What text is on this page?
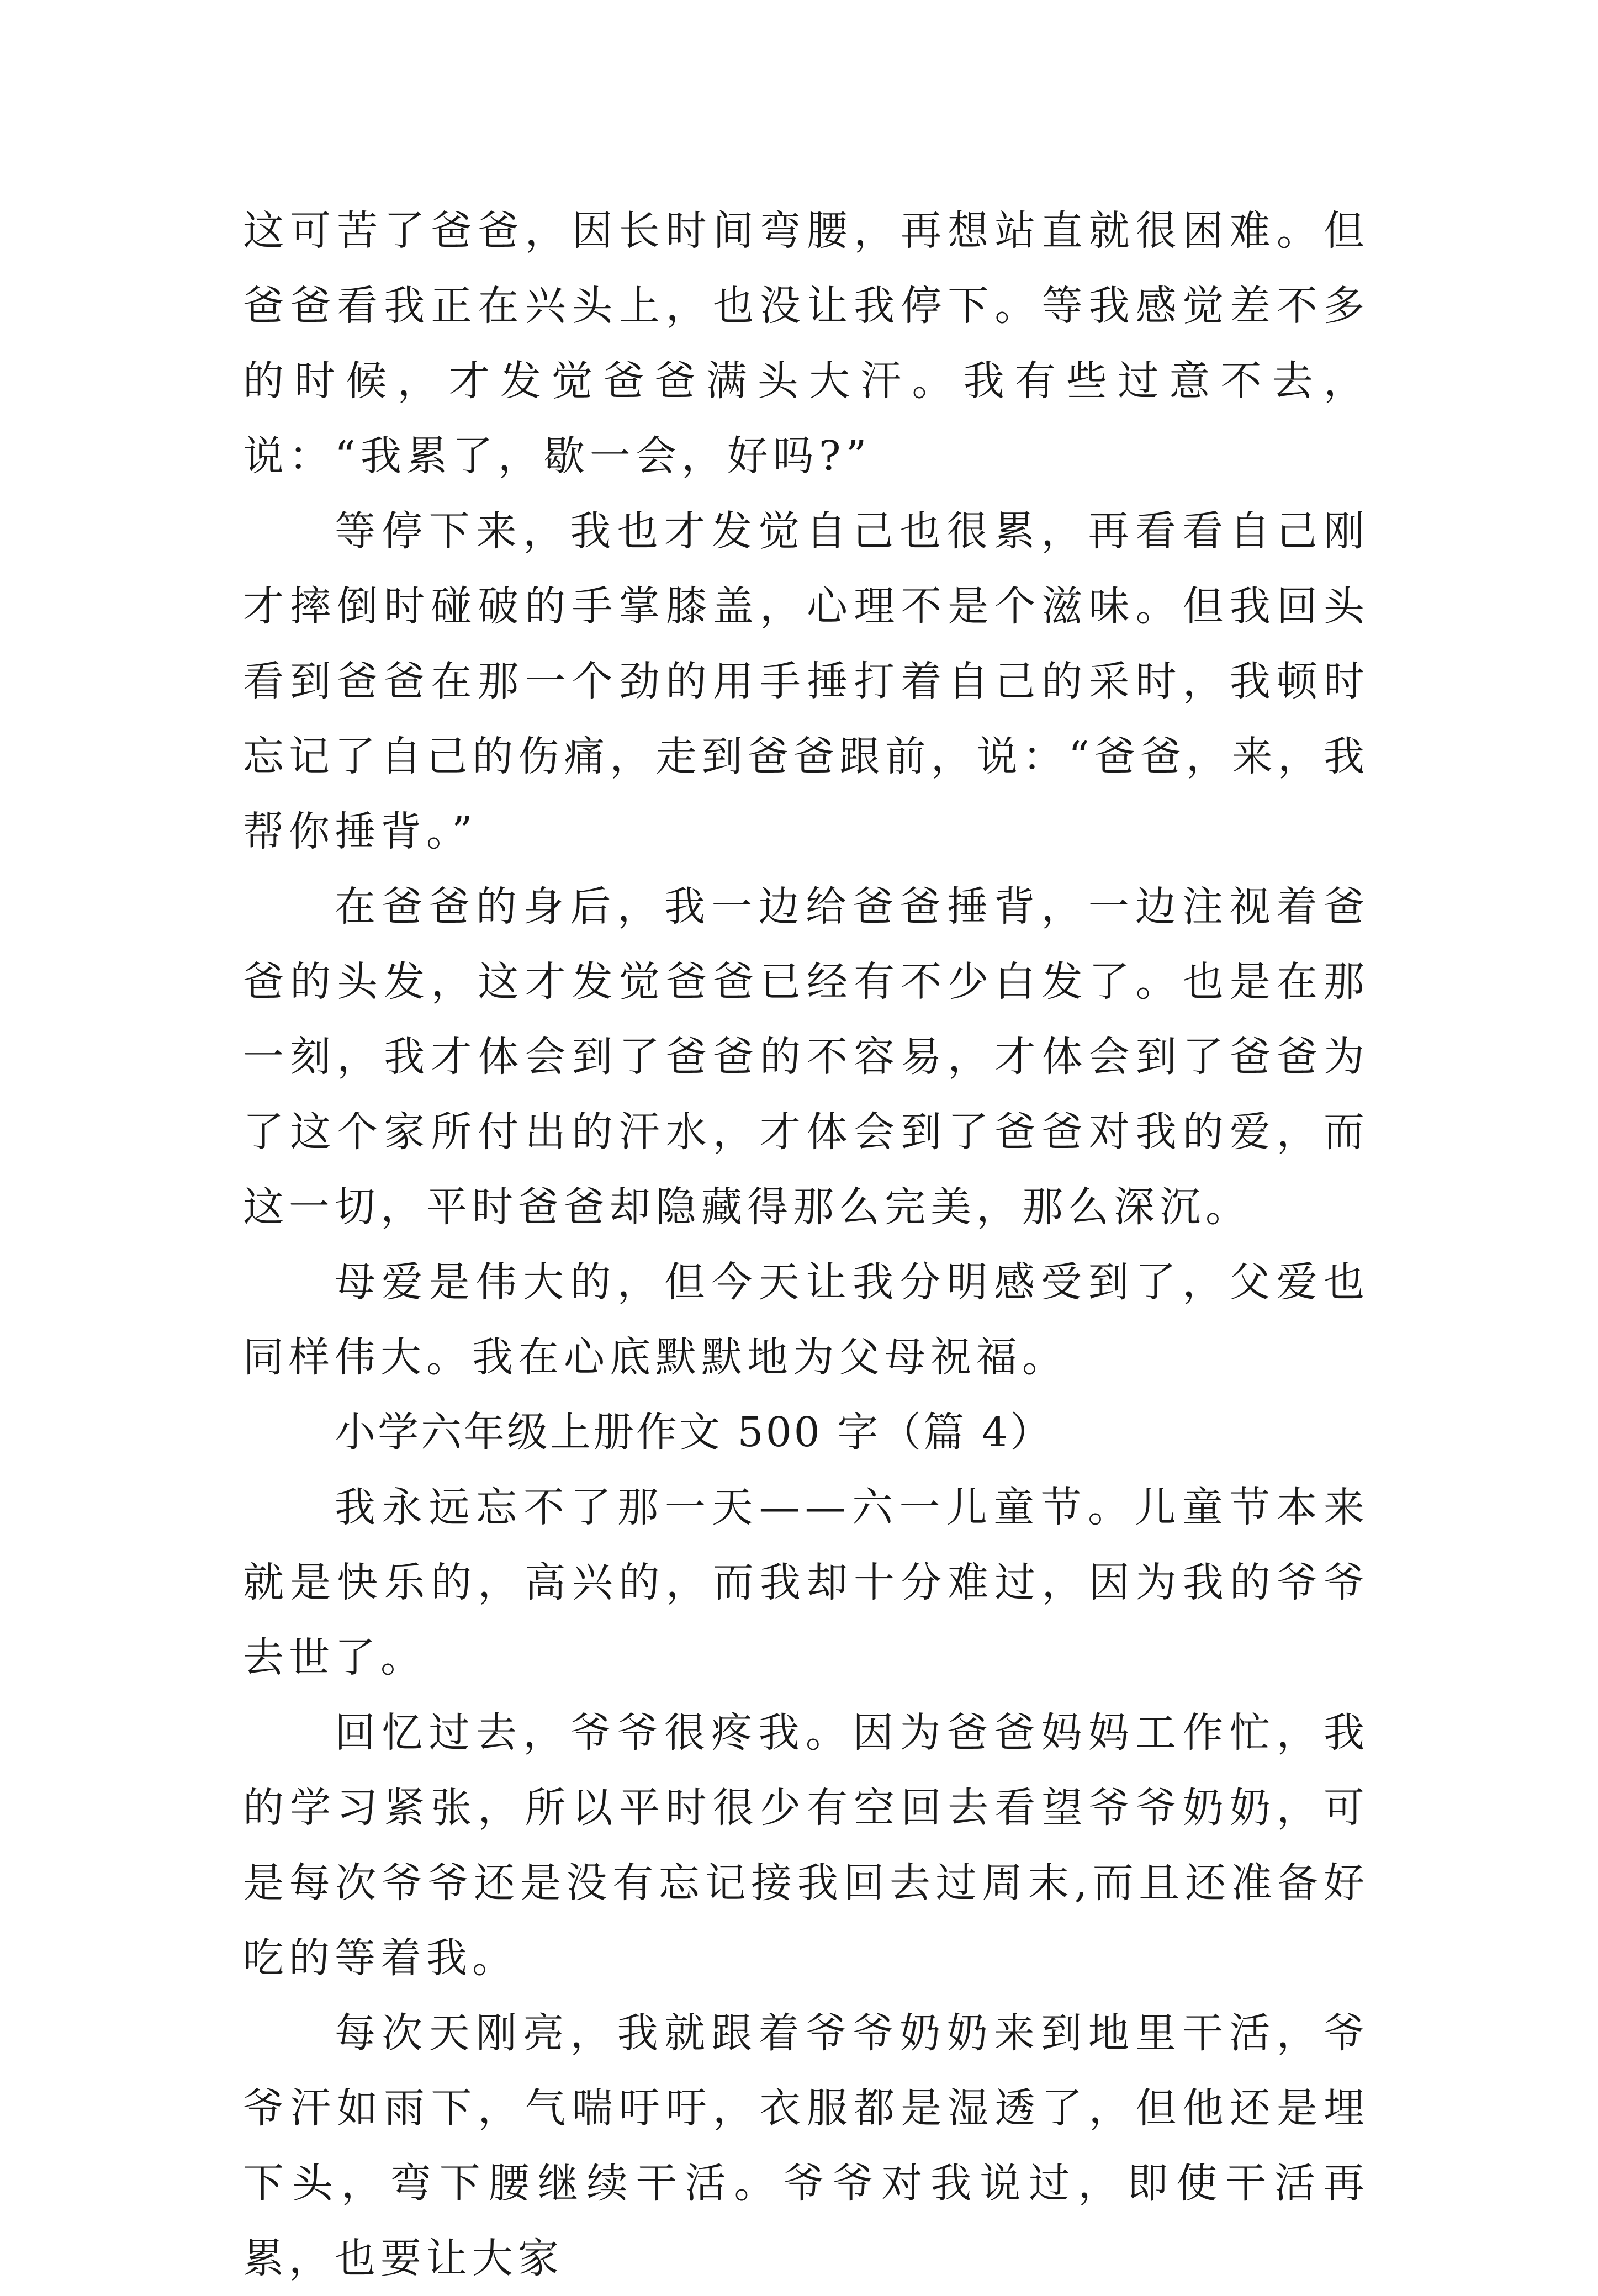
这可苦了爸爸，因长时间弯腰，再想站直就很困难。但爸爸看我正在兴头上，也没让我停下。等我感觉差不多的时候，才发觉爸爸满头大汗。我有些过意不去，说：“我累了，歇一会，好吗?”

等停下来，我也才发觉自己也很累，再看看自己刚才摔倒时碰破的手掌膝盖，心理不是个滋味。但我回头看到爸爸在那一个劲的用手捶打着自己的采时，我顿时忘记了自己的伤痛，走到爸爸跟前，说：“爸爸，来，我帮你捶背。”

在爸爸的身后，我一边给爸爸捶背，一边注视着爸爸的头发，这才发觉爸爸已经有不少白发了。也是在那一刻，我才体会到了爸爸的不容易，才体会到了爸爸为了这个家所付出的汗水，才体会到了爸爸对我的爱，而这一切，平时爸爸却隐藏得那么完美，那么深沉。

母爱是伟大的，但今天让我分明感受到了，父爱也同样伟大。我在心底默默地为父母祝福。

小学六年级上册作文 500 字（篇 4）

我永远忘不了那一天——六一儿童节。儿童节本来就是快乐的，高兴的，而我却十分难过，因为我的爷爷去世了。

回忆过去，爷爷很疼我。因为爸爸妈妈工作忙，我的学习紧张，所以平时很少有空回去看望爷爷奶奶，可是每次爷爷还是没有忘记接我回去过周末,而且还准备好吃的等着我。

每次天刚亮，我就跟着爷爷奶奶来到地里干活，爷爷汗如雨下，气喘吁吁，衣服都是湿透了，但他还是埋下头，弯下腰继续干活。爷爷对我说过，即使干活再累，也要让大家
